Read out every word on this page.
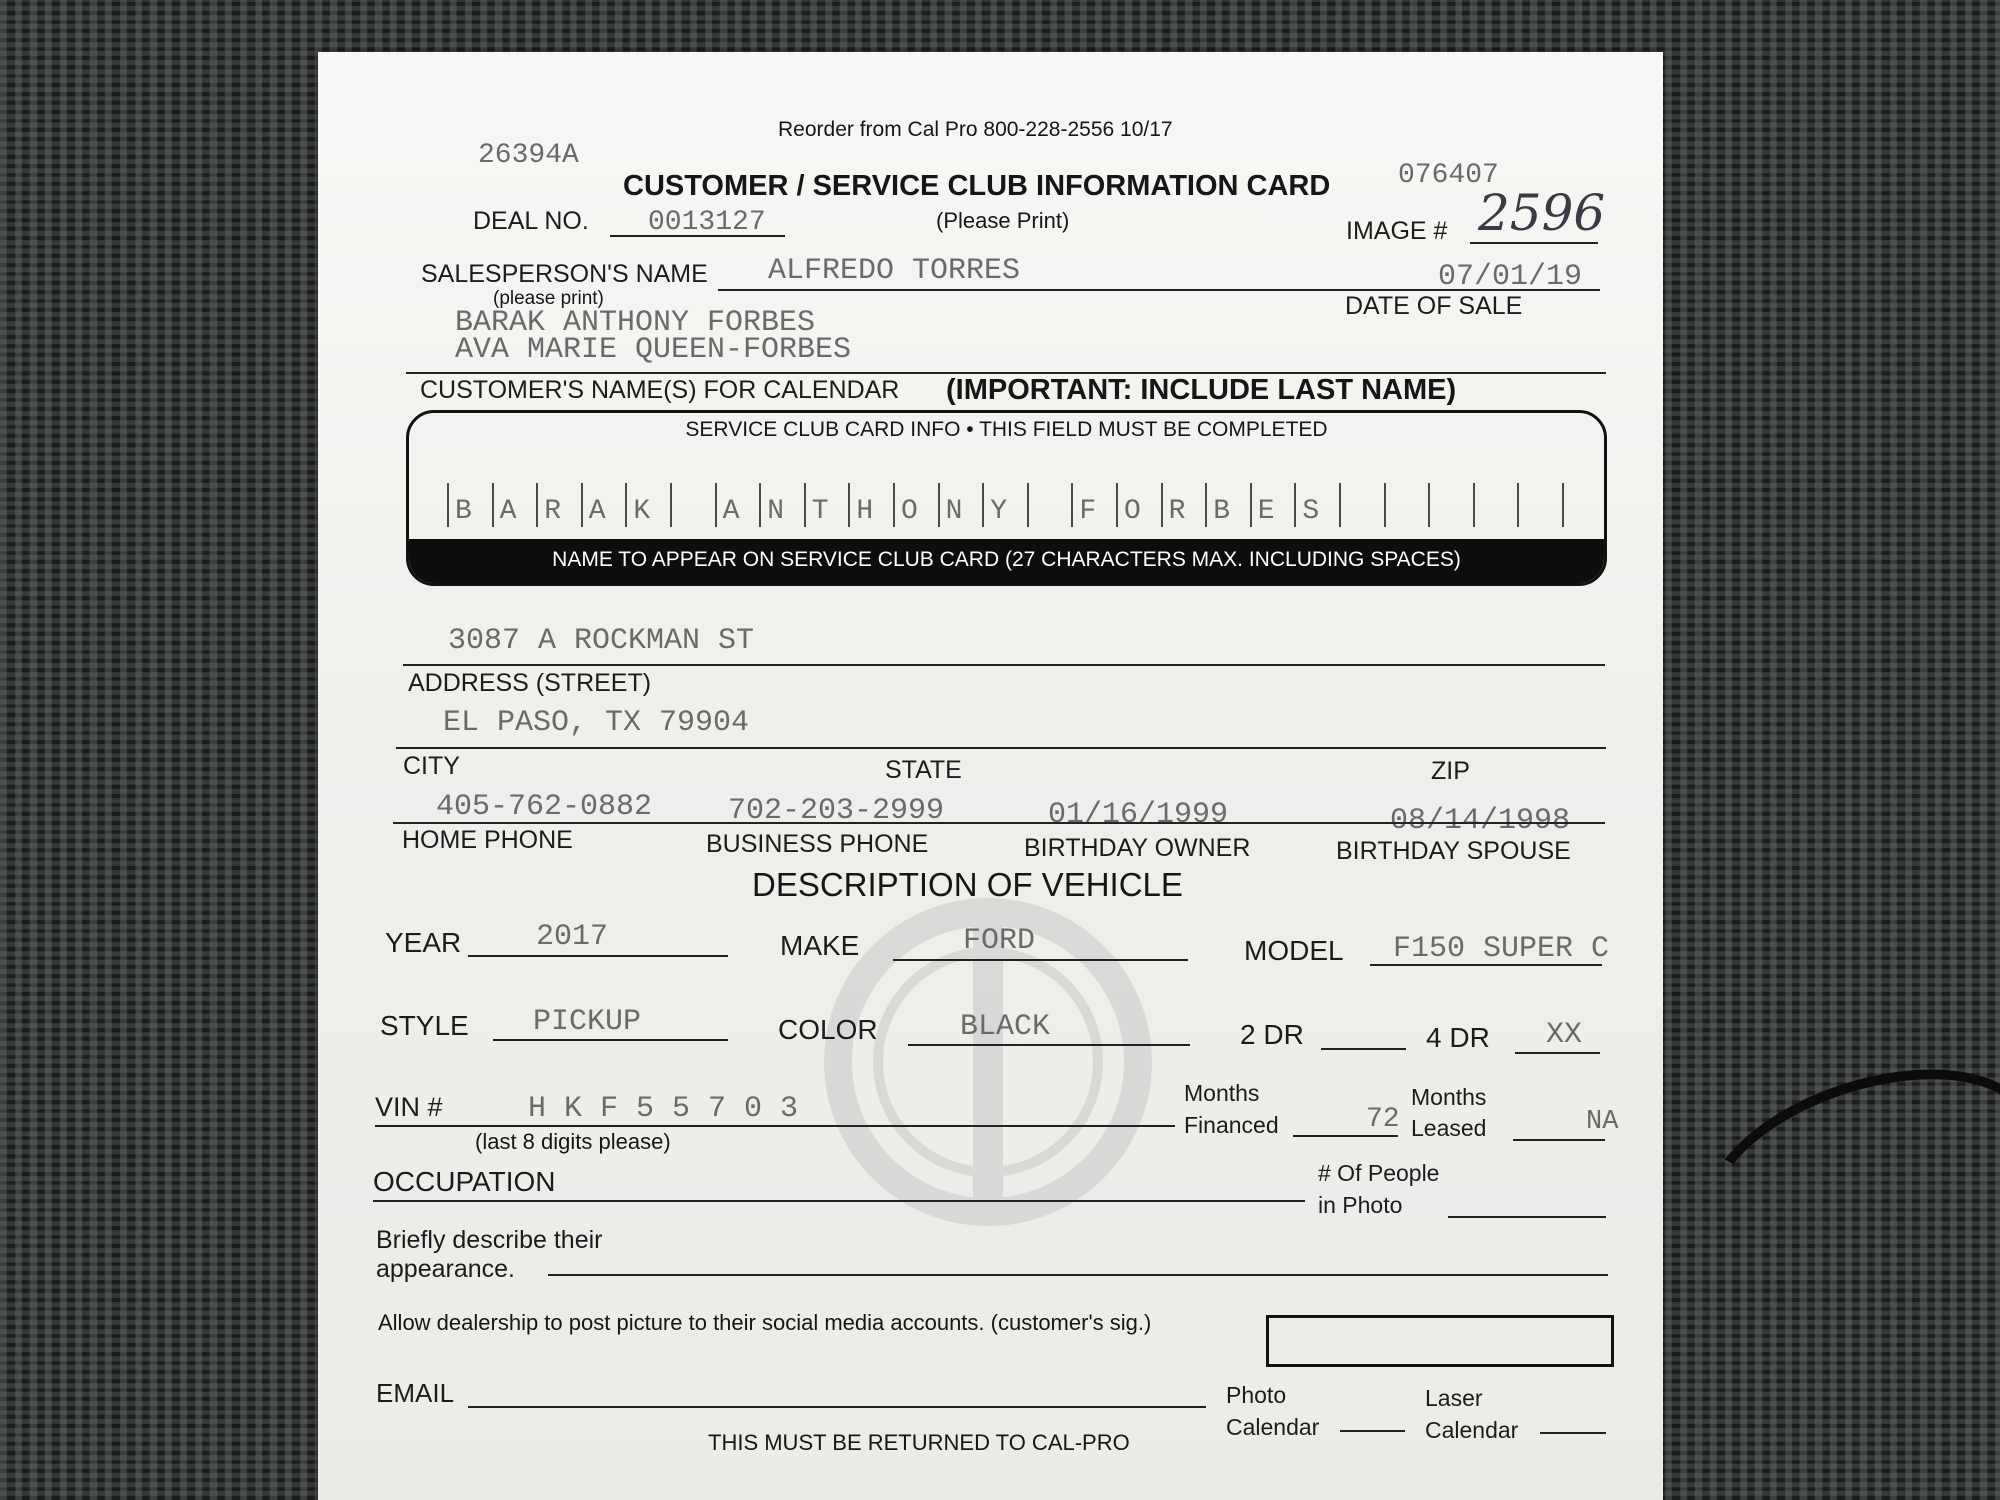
Reorder from Cal Pro 800-228-2556 10/17
26394A
CUSTOMER / SERVICE CLUB INFORMATION CARD 076407
DEAL NO. 0013127	(Please Print)	IMAGE # 2596
SALESPERSON'S NAME
(please print)
ALFREDO TORRES	07/01/19
DATE OF SALE
BARAK ANTHONY FORBES
AVA MARIE QUEEN-FORBES
CUSTOMER'S NAME(S) FOR CALENDAR (IMPORTANT: INCLUDE LAST NAME)
SERVICE CLUB CARD INFO • THIS FIELD MUST BE COMPLETED
B A R A K	A N T H O N Y	F O R B E S
NAME TO APPEAR ON SERVICE CLUB CARD (27 CHARACTERS MAX. INCLUDING SPACES)
3087 A ROCKMAN ST
ADDRESS (STREET)
EL PASO, TX 79904
CITY	STATE	ZIP
405-762-0882	702-203-2999	01/16/1999	08/14/1998
HOME PHONE	BUSINESS PHONE	BIRTHDAY OWNER	BIRTHDAY SPOUSE
DESCRIPTION OF VEHICLE
YEAR 2017	MAKE	FORD	MODEL F150 SUPER C
STYLE PICKUP	COLOR	BLACK	2 DR	4 DR XX
VIN #
(last 8 digits please)
H K F 5 5 7 0 3	Months
Financed	72
Months
Leased	NA
OCCUPATION	# Of People
in Photo
Briefly describe their
appearance.
Allow dealership to post picture to their social media accounts. (customer's sig.)
EMAIL	Photo
Calendar
Laser
Calendar
THIS MUST BE RETURNED TO CAL-PRO
